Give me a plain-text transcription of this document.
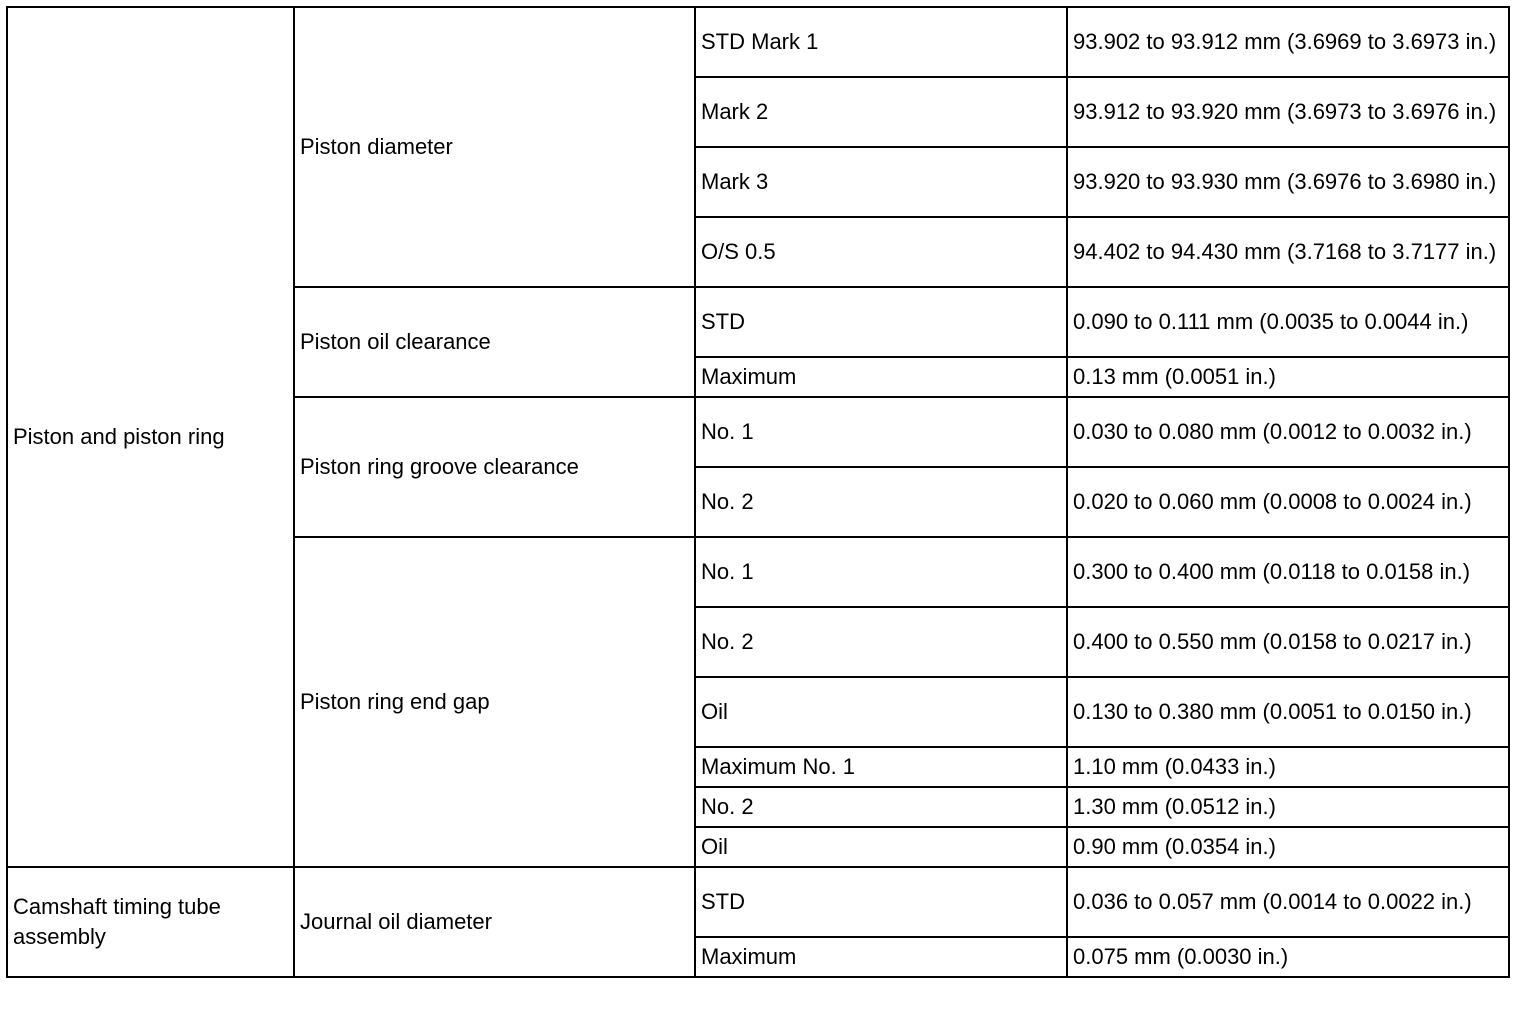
Piston and piston ring	Piston diameter	STD Mark 1	93.902 to 93.912 mm (3.6969 to 3.6973 in.)
		Mark 2	93.912 to 93.920 mm (3.6973 to 3.6976 in.)
		Mark 3	93.920 to 93.930 mm (3.6976 to 3.6980 in.)
		O/S 0.5	94.402 to 94.430 mm (3.7168 to 3.7177 in.)
	Piston oil clearance	STD	0.090 to 0.111 mm (0.0035 to 0.0044 in.)
		Maximum	0.13 mm (0.0051 in.)
	Piston ring groove clearance	No. 1	0.030 to 0.080 mm (0.0012 to 0.0032 in.)
		No. 2	0.020 to 0.060 mm (0.0008 to 0.0024 in.)
	Piston ring end gap	No. 1	0.300 to 0.400 mm (0.0118 to 0.0158 in.)
		No. 2	0.400 to 0.550 mm (0.0158 to 0.0217 in.)
		Oil	0.130 to 0.380 mm (0.0051 to 0.0150 in.)
		Maximum No. 1	1.10 mm (0.0433 in.)
		No. 2	1.30 mm (0.0512 in.)
		Oil	0.90 mm (0.0354 in.)
Camshaft timing tube assembly	Journal oil diameter	STD	0.036 to 0.057 mm (0.0014 to 0.0022 in.)
		Maximum	0.075 mm (0.0030 in.)
